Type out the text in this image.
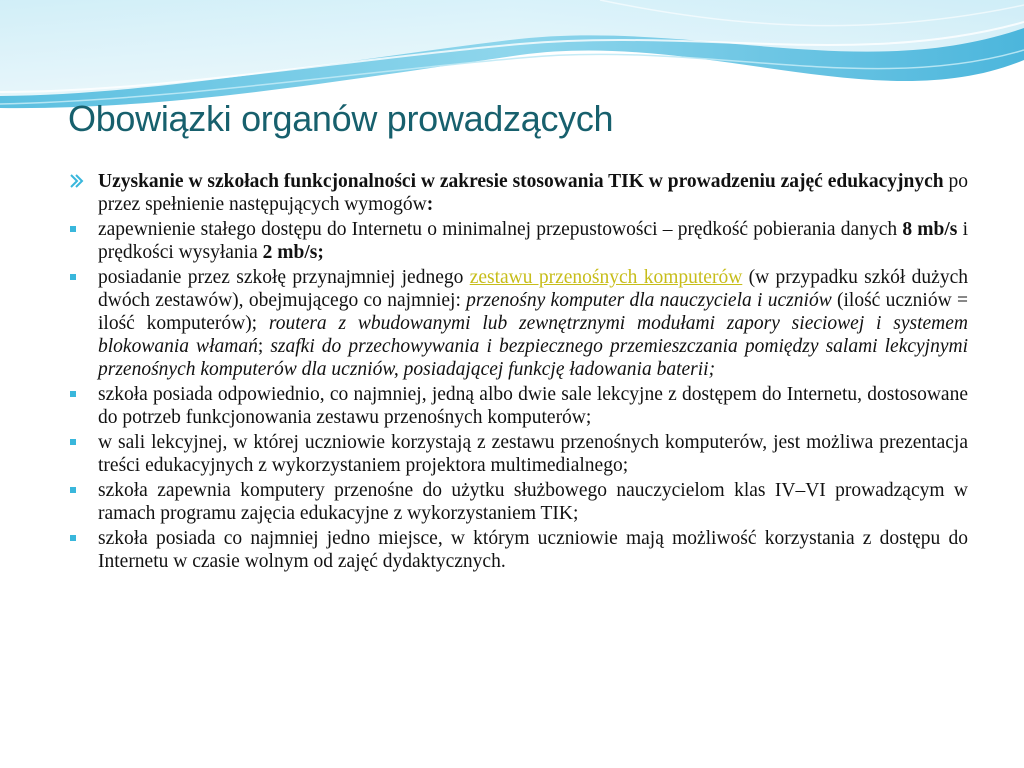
Obowiązki organów prowadzących
Uzyskanie w szkołach funkcjonalności w zakresie stosowania TIK w prowadzeniu zajęć edukacyjnych po przez spełnienie następujących wymogów:
zapewnienie stałego dostępu do Internetu o minimalnej przepustowości – prędkość pobierania danych 8 mb/s i prędkości wysyłania 2 mb/s;
posiadanie przez szkołę przynajmniej jednego zestawu przenośnych komputerów (w przypadku szkół dużych dwóch zestawów), obejmującego co najmniej: przenośny komputer dla nauczyciela i uczniów (ilość uczniów = ilość komputerów); routera z wbudowanymi lub zewnętrznymi modułami zapory sieciowej i systemem blokowania włamań; szafki do przechowywania i bezpiecznego przemieszczania pomiędzy salami lekcyjnymi przenośnych komputerów dla uczniów, posiadającej funkcję ładowania baterii;
szkoła posiada odpowiednio, co najmniej, jedną albo dwie sale lekcyjne z dostępem do Internetu, dostosowane do potrzeb funkcjonowania zestawu przenośnych komputerów;
w sali lekcyjnej, w której uczniowie korzystają z zestawu przenośnych komputerów, jest możliwa prezentacja treści edukacyjnych z wykorzystaniem projektora multimedialnego;
szkoła zapewnia komputery przenośne do użytku służbowego nauczycielom klas IV–VI prowadzącym w ramach programu zajęcia edukacyjne z wykorzystaniem TIK;
szkoła posiada co najmniej jedno miejsce, w którym uczniowie mają możliwość korzystania z dostępu do Internetu w czasie wolnym od zajęć dydaktycznych.
